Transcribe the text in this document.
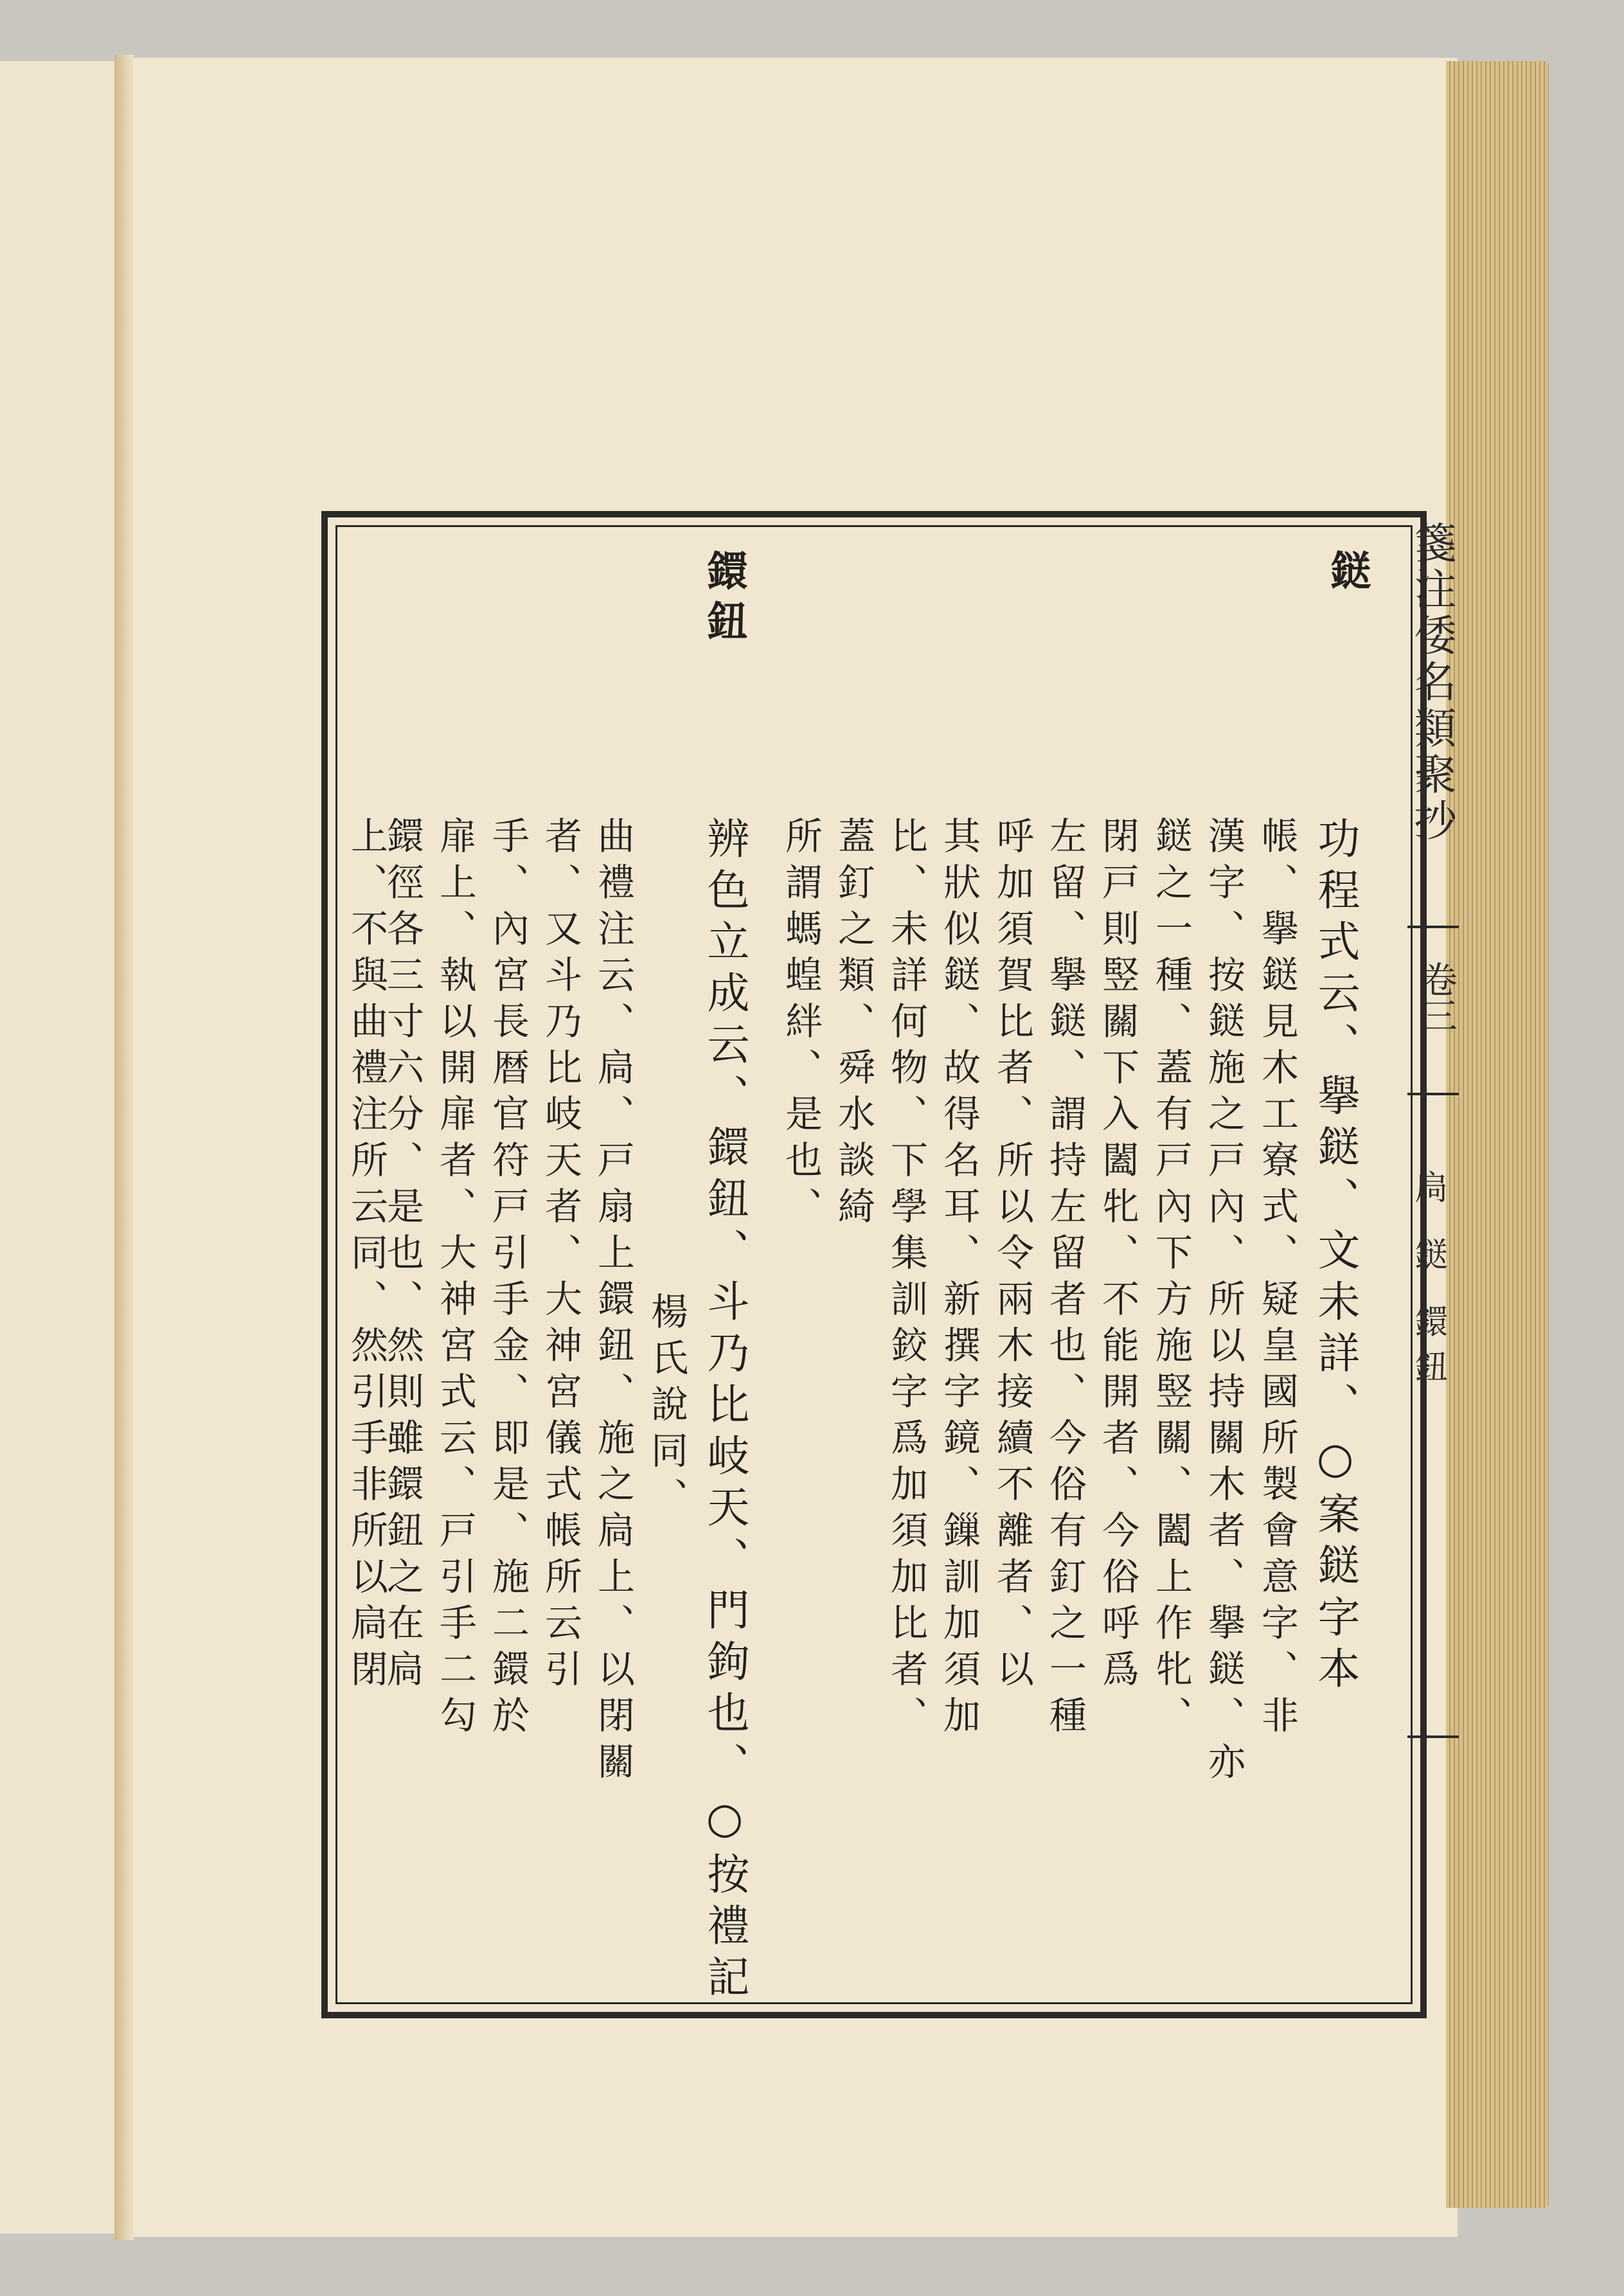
箋注倭名類聚抄
卷三
扃 鎹 鐶鈕
鎹
功程式云、擧鎹、文未詳、○案鎹字本
帳、擧鎹見木工寮式、疑皇國所製會意字、非
漢字、按鎹施之戸內、所以持關木者、擧鎹、亦
鎹之一種、蓋有戸內下方施竪關、闔上作牝、
閉戸則竪關下入闔牝、不能開者、今俗呼爲
左留、擧鎹、謂持左留者也、今俗有釘之一種
呼加須賀比者、所以令兩木接續不離者、以
其狀似鎹、故得名耳、新撰字鏡、鏁訓加須加
比、未詳何物、下學集訓鉸字爲加須加比者、
蓋釘之類、舜水談綺
所謂螞蝗絆、是也、
鐶鈕
辨色立成云、鐶鈕、斗乃比岐天、門鉤也、○按禮記
楊氏說同、
曲禮注云、扃、戸扇上鐶鈕、施之扃上、以閉關
者、又斗乃比岐天者、大神宮儀式帳所云引
手、內宮長暦官符戸引手金、即是、施二鐶於
扉上、執以開扉者、大神宮式云、戸引手二勾
鐶徑各三寸六分、是也、然則雖鐶鈕之在扃
上、不與曲禮注所云同、然引手非所以扃閉
